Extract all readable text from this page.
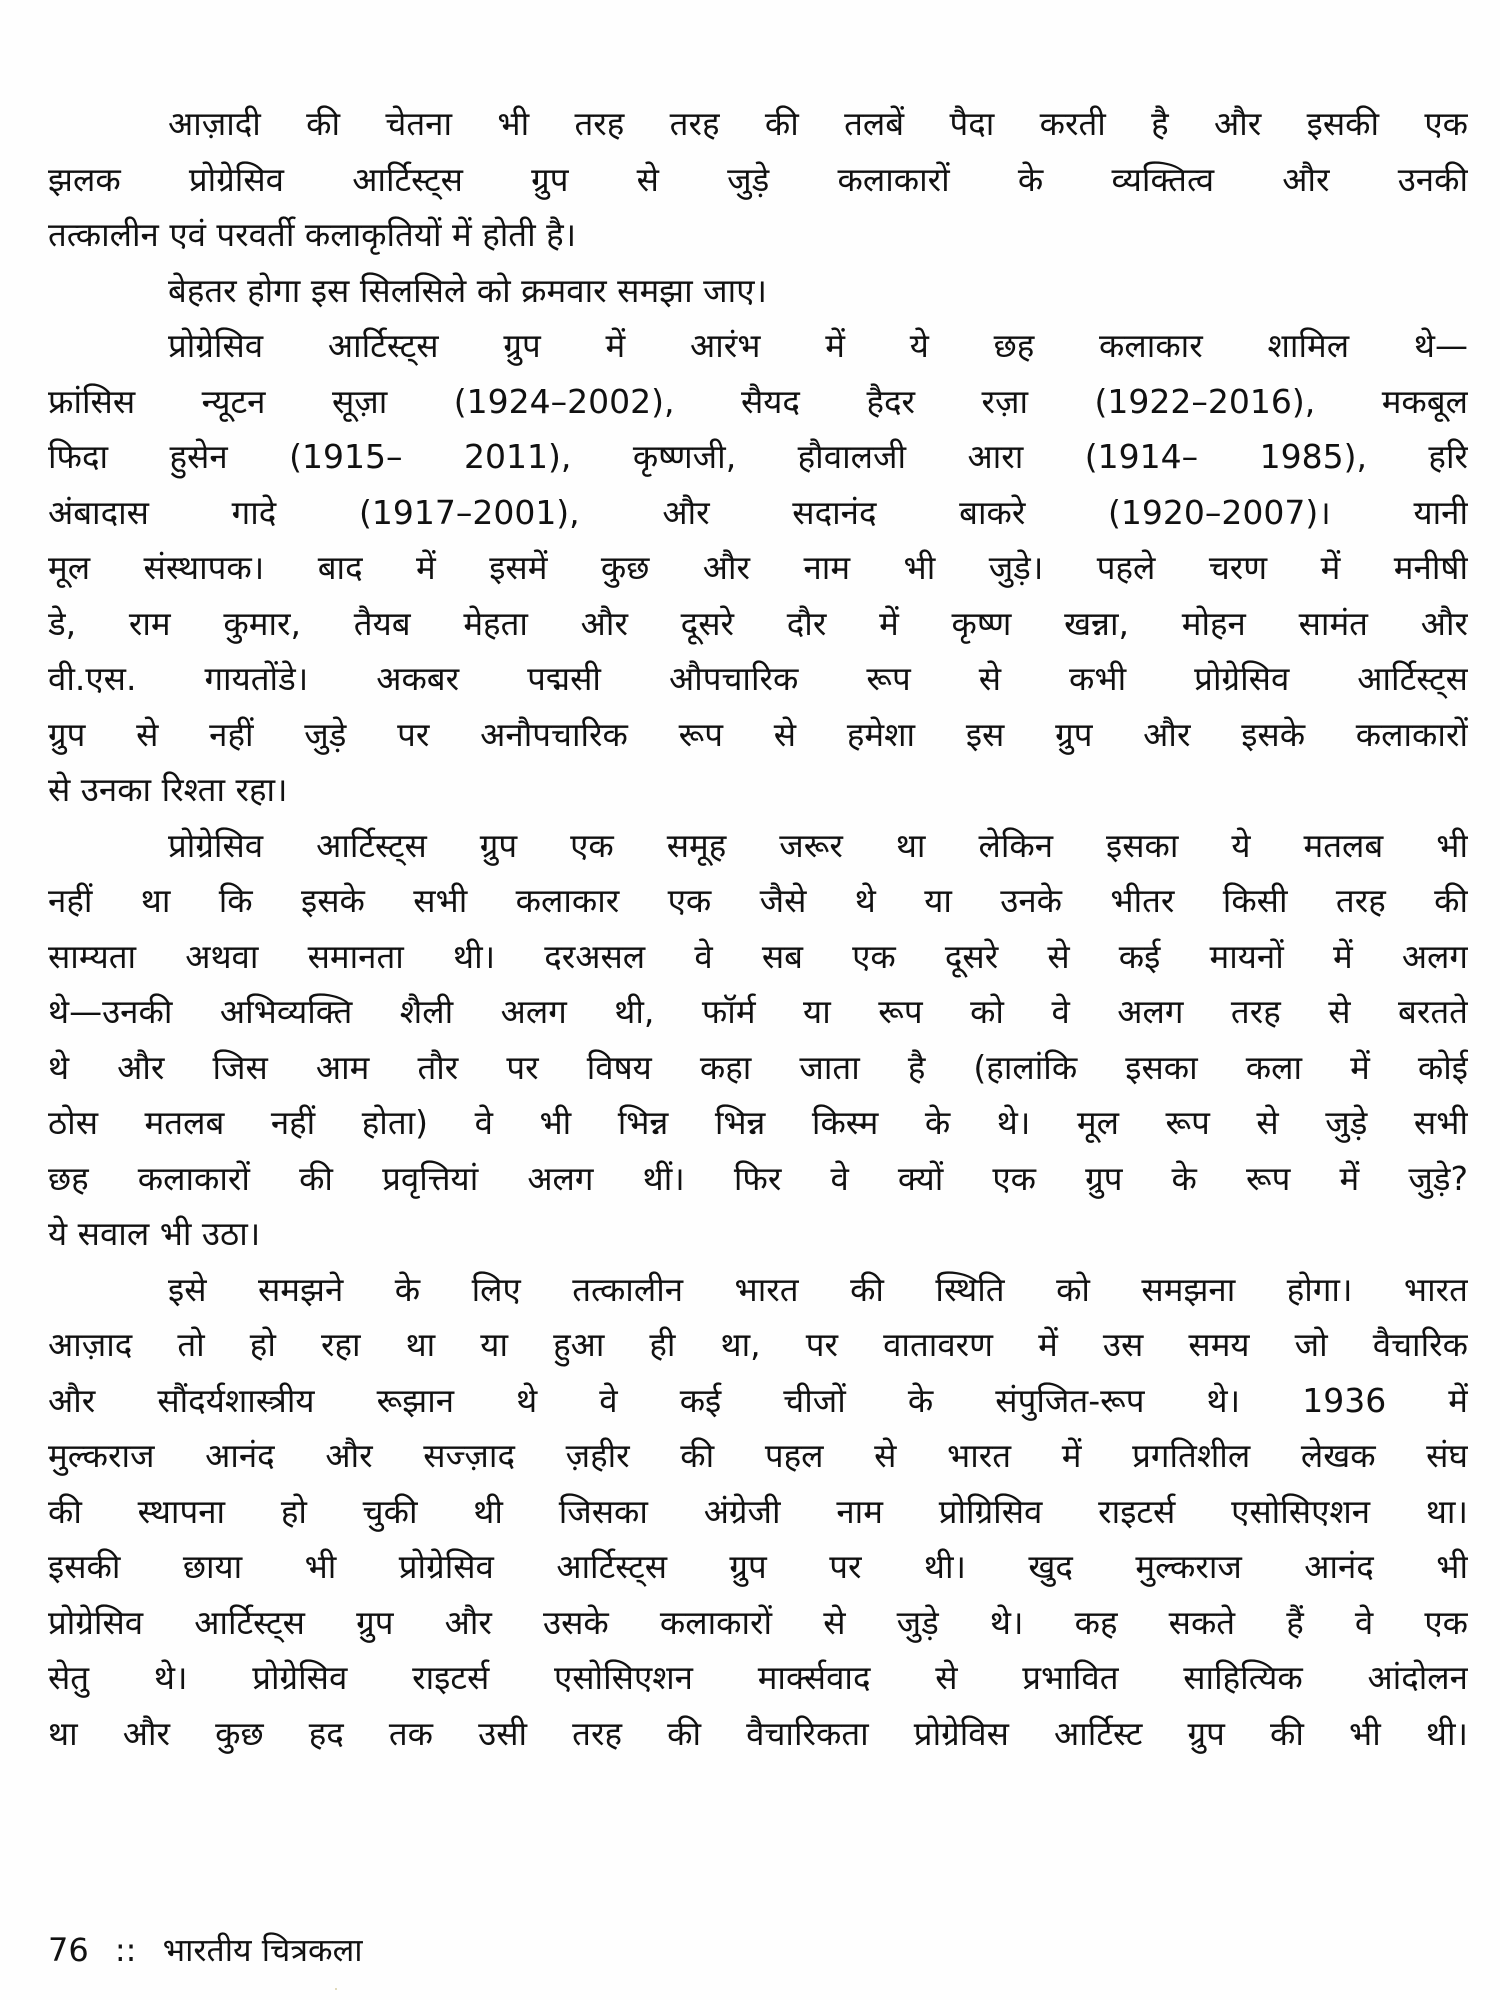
आज़ादी की चेतना भी तरह तरह की तलबें पैदा करती है और इसकी एक
झलक प्रोग्रेसिव आर्टिस्ट्स ग्रुप से जुड़े कलाकारों के व्यक्तित्व और उनकी
तत्कालीन एवं परवर्ती कलाकृतियों में होती है।
बेहतर होगा इस सिलसिले को क्रमवार समझा जाए।
प्रोग्रेसिव आर्टिस्ट्स ग्रुप में आरंभ में ये छह कलाकार शामिल थे—
फ्रांसिस न्यूटन सूज़ा (1924–2002), सैयद हैदर रज़ा (1922–2016), मकबूल
फिदा हुसेन (1915– 2011), कृष्णजी, हौवालजी आरा (1914– 1985), हरि
अंबादास गादे (1917–2001), और सदानंद बाकरे (1920–2007)। यानी
मूल संस्थापक। बाद में इसमें कुछ और नाम भी जुड़े। पहले चरण में मनीषी
डे, राम कुमार, तैयब मेहता और दूसरे दौर में कृष्ण खन्ना, मोहन सामंत और
वी.एस. गायतोंडे। अकबर पद्मसी औपचारिक रूप से कभी प्रोग्रेसिव आर्टिस्ट्स
ग्रुप से नहीं जुड़े पर अनौपचारिक रूप से हमेशा इस ग्रुप और इसके कलाकारों
से उनका रिश्ता रहा।
प्रोग्रेसिव आर्टिस्ट्स ग्रुप एक समूह जरूर था लेकिन इसका ये मतलब भी
नहीं था कि इसके सभी कलाकार एक जैसे थे या उनके भीतर किसी तरह की
साम्यता अथवा समानता थी। दरअसल वे सब एक दूसरे से कई मायनों में अलग
थे—उनकी अभिव्यक्ति शैली अलग थी, फॉर्म या रूप को वे अलग तरह से बरतते
थे और जिस आम तौर पर विषय कहा जाता है (हालांकि इसका कला में कोई
ठोस मतलब नहीं होता) वे भी भिन्न भिन्न किस्म के थे। मूल रूप से जुड़े सभी
छह कलाकारों की प्रवृत्तियां अलग थीं। फिर वे क्यों एक ग्रुप के रूप में जुड़े?
ये सवाल भी उठा।
इसे समझने के लिए तत्कालीन भारत की स्थिति को समझना होगा। भारत
आज़ाद तो हो रहा था या हुआ ही था, पर वातावरण में उस समय जो वैचारिक
और सौंदर्यशास्त्रीय रूझान थे वे कई चीजों के संपुजित-रूप थे। 1936 में
मुल्कराज आनंद और सज्ज़ाद ज़हीर की पहल से भारत में प्रगतिशील लेखक संघ
की स्थापना हो चुकी थी जिसका अंग्रेजी नाम प्रोग्रिसिव राइटर्स एसोसिएशन था।
इसकी छाया भी प्रोग्रेसिव आर्टिस्ट्स ग्रुप पर थी। खुद मुल्कराज आनंद भी
प्रोग्रेसिव आर्टिस्ट्स ग्रुप और उसके कलाकारों से जुड़े थे। कह सकते हैं वे एक
सेतु थे। प्रोग्रेसिव राइटर्स एसोसिएशन मार्क्सवाद से प्रभावित साहित्यिक आंदोलन
था और कुछ हद तक उसी तरह की वैचारिकता प्रोग्रेविस आर्टिस्ट ग्रुप की भी थी।
76 :: भारतीय चित्रकला
